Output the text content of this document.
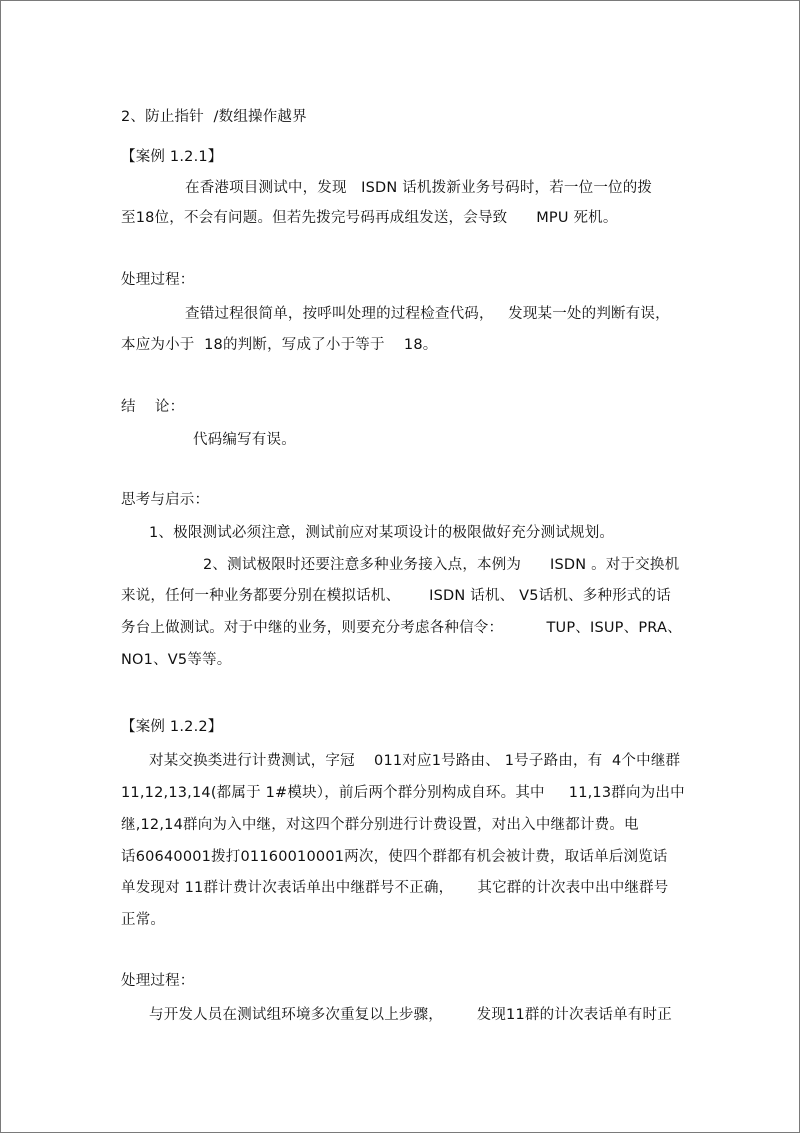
2、防止指针  /数组操作越界
【案例 1.2.1】
在香港项目测试中，发现   ISDN 话机拨新业务号码时，若一位一位的拨
至18位，不会有问题。但若先拨完号码再成组发送，会导致      MPU 死机。
处理过程：
查错过程很简单，按呼叫处理的过程检查代码，   发现某一处的判断有误，
本应为小于  18的判断，写成了小于等于    18。
结    论：
代码编写有误。
思考与启示：
1、极限测试必须注意，测试前应对某项设计的极限做好充分测试规划。
2、测试极限时还要注意多种业务接入点，本例为      ISDN 。对于交换机
来说，任何一种业务都要分别在模拟话机、      ISDN 话机、 V5话机、多种形式的话
务台上做测试。对于中继的业务，则要充分考虑各种信令：         TUP、ISUP、PRA、
NO1、V5等等。
【案例 1.2.2】
对某交换类进行计费测试，字冠    011对应1号路由、 1号子路由，有  4个中继群
11,12,13,14(都属于 1#模块），前后两个群分别构成自环。其中     11,13群向为出中
继,12,14群向为入中继，对这四个群分别进行计费设置，对出入中继都计费。电
话60640001拨打01160010001两次，使四个群都有机会被计费，取话单后浏览话
单发现对 11群计费计次表话单出中继群号不正确，     其它群的计次表中出中继群号
正常。
处理过程：
与开发人员在测试组环境多次重复以上步骤，       发现11群的计次表话单有时正
